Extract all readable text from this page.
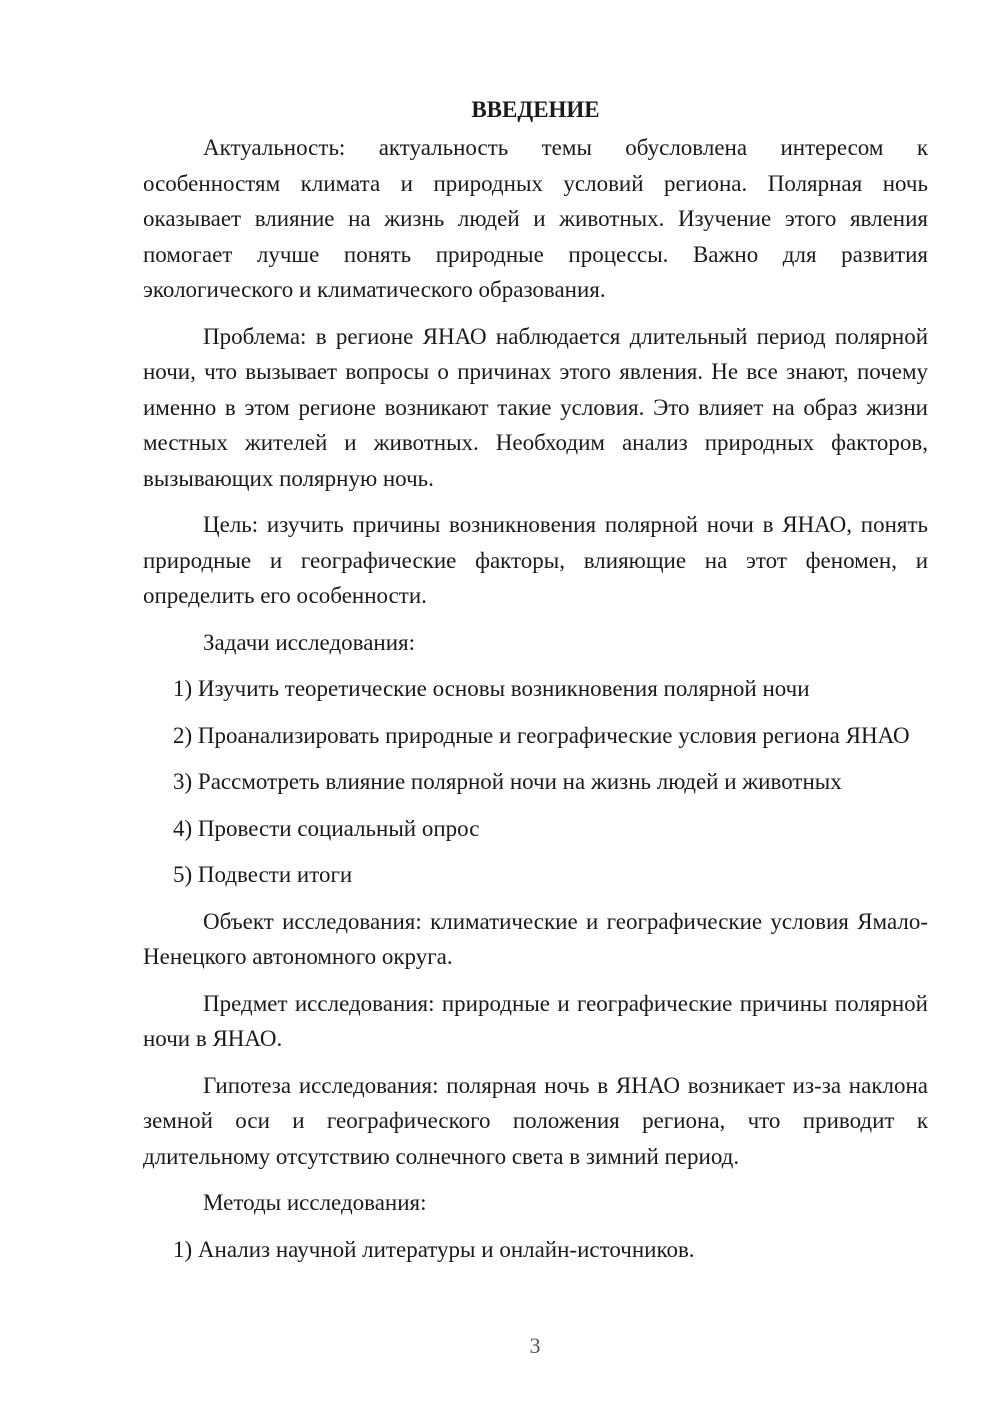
ВВЕДЕНИЕ

Актуальность: актуальность темы обусловлена интересом к особенностям климата и природных условий региона. Полярная ночь оказывает влияние на жизнь людей и животных. Изучение этого явления помогает лучше понять природные процессы. Важно для развития экологического и климатического образования.

Проблема: в регионе ЯНАО наблюдается длительный период полярной ночи, что вызывает вопросы о причинах этого явления. Не все знают, почему именно в этом регионе возникают такие условия. Это влияет на образ жизни местных жителей и животных. Необходим анализ природных факторов, вызывающих полярную ночь.

Цель: изучить причины возникновения полярной ночи в ЯНАО, понять природные и географические факторы, влияющие на этот феномен, и определить его особенности.

Задачи исследования:

1) Изучить теоретические основы возникновения полярной ночи

2) Проанализировать природные и географические условия региона ЯНАО

3) Рассмотреть влияние полярной ночи на жизнь людей и животных

4) Провести социальный опрос

5) Подвести итоги

Объект исследования: климатические и географические условия Ямало-Ненецкого автономного округа.

Предмет исследования: природные и географические причины полярной ночи в ЯНАО.

Гипотеза исследования: полярная ночь в ЯНАО возникает из-за наклона земной оси и географического положения региона, что приводит к длительному отсутствию солнечного света в зимний период.

Методы исследования:

1) Анализ научной литературы и онлайн-источников.

3
